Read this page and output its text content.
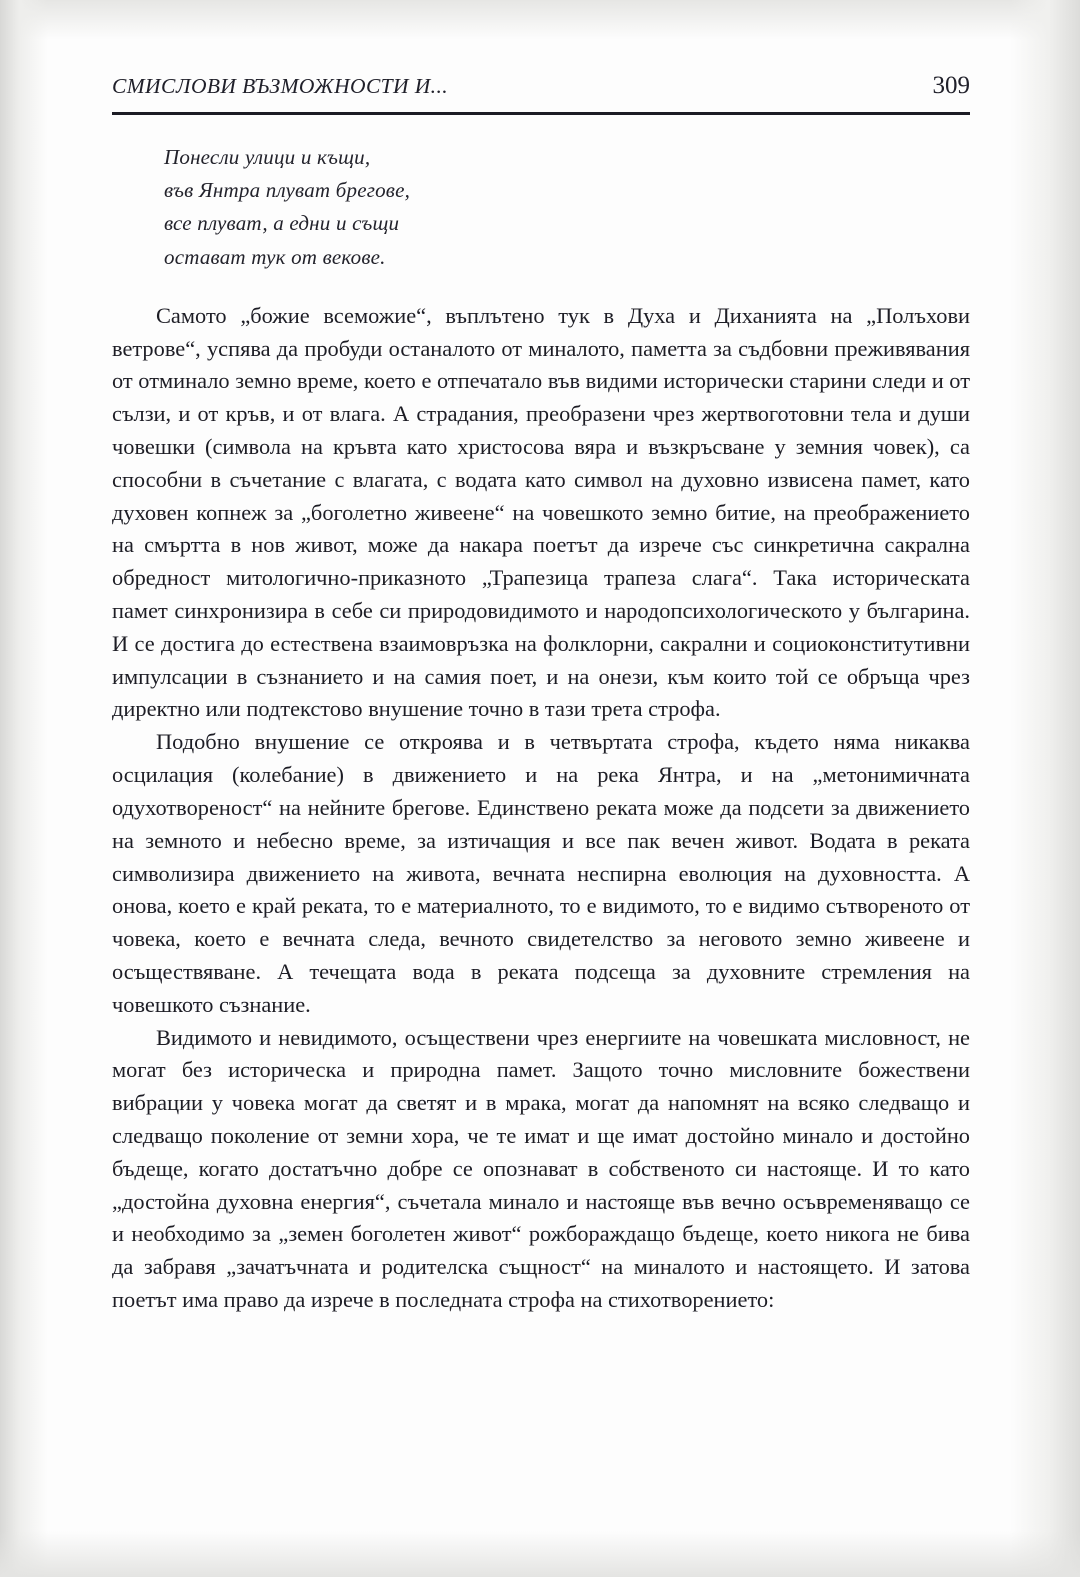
СМИСЛОВИ ВЪЗМОЖНОСТИ И...	309
Понесли улици и къщи,
във Янтра плуват брегове,
все плуват, а едни и същи
остават тук от векове.

Самото „божие всеможие“, въплътено тук в Духа и Диханията на „Полъхови ветрове“, успява да пробуди останалото от миналото, паметта за съдбовни преживявания от отминало земно време, което е отпечатало във видими исторически старини следи и от сълзи, и от кръв, и от влага. А страдания, преобразени чрез жертвоготовни тела и души човешки (символа на кръвта като христосова вяра и възкръсване у земния човек), са способни в съчетание с влагата, с водата като символ на духовно извисена памет, като духовен копнеж за „боголетно живеене“ на човешкото земно битие, на преображението на смъртта в нов живот, може да накара поетът да изрече със синкретична сакрална обредност митологично-приказното „Трапезица трапеза слага“. Така историческата памет синхронизира в себе си природовидимото и народопсихологическото у българина. И се достига до естествена взаимовръзка на фолклорни, сакрални и социоконститутивни импулсации в съзнанието и на самия поет, и на онези, към които той се обръща чрез директно или подтекстово внушение точно в тази трета строфа.

Подобно внушение се откроява и в четвъртата строфа, където няма никаква осцилация (колебание) в движението и на река Янтра, и на „метонимичната одухотвореност“ на нейните брегове. Единствено реката може да подсети за движението на земното и небесно време, за изтичащия и все пак вечен живот. Водата в реката символизира движението на живота, вечната неспирна еволюция на духовността. А онова, което е край реката, то е материалното, то е видимото, то е видимо сътвореното от човека, което е вечната следа, вечното свидетелство за неговото земно живеене и осъществяване. А течещата вода в реката подсеща за духовните стремления на човешкото съзнание.

Видимото и невидимото, осъществени чрез енергиите на човешката мисловност, не могат без историческа и природна памет. Защото точно мисловните божествени вибрации у човека могат да светят и в мрака, могат да напомнят на всяко следващо и следващо поколение от земни хора, че те имат и ще имат достойно минало и достойно бъдеще, когато достатъчно добре се опознават в собственото си настояще. И то като „достойна духовна енергия“, съчетала минало и настояще във вечно осъвременяващо се и необходимо за „земен боголетен живот“ рожбораждащо бъдеще, което никога не бива да забравя „зачатъчната и родителска същност“ на миналото и настоящето. И затова поетът има право да изрече в последната строфа на стихотворението:
